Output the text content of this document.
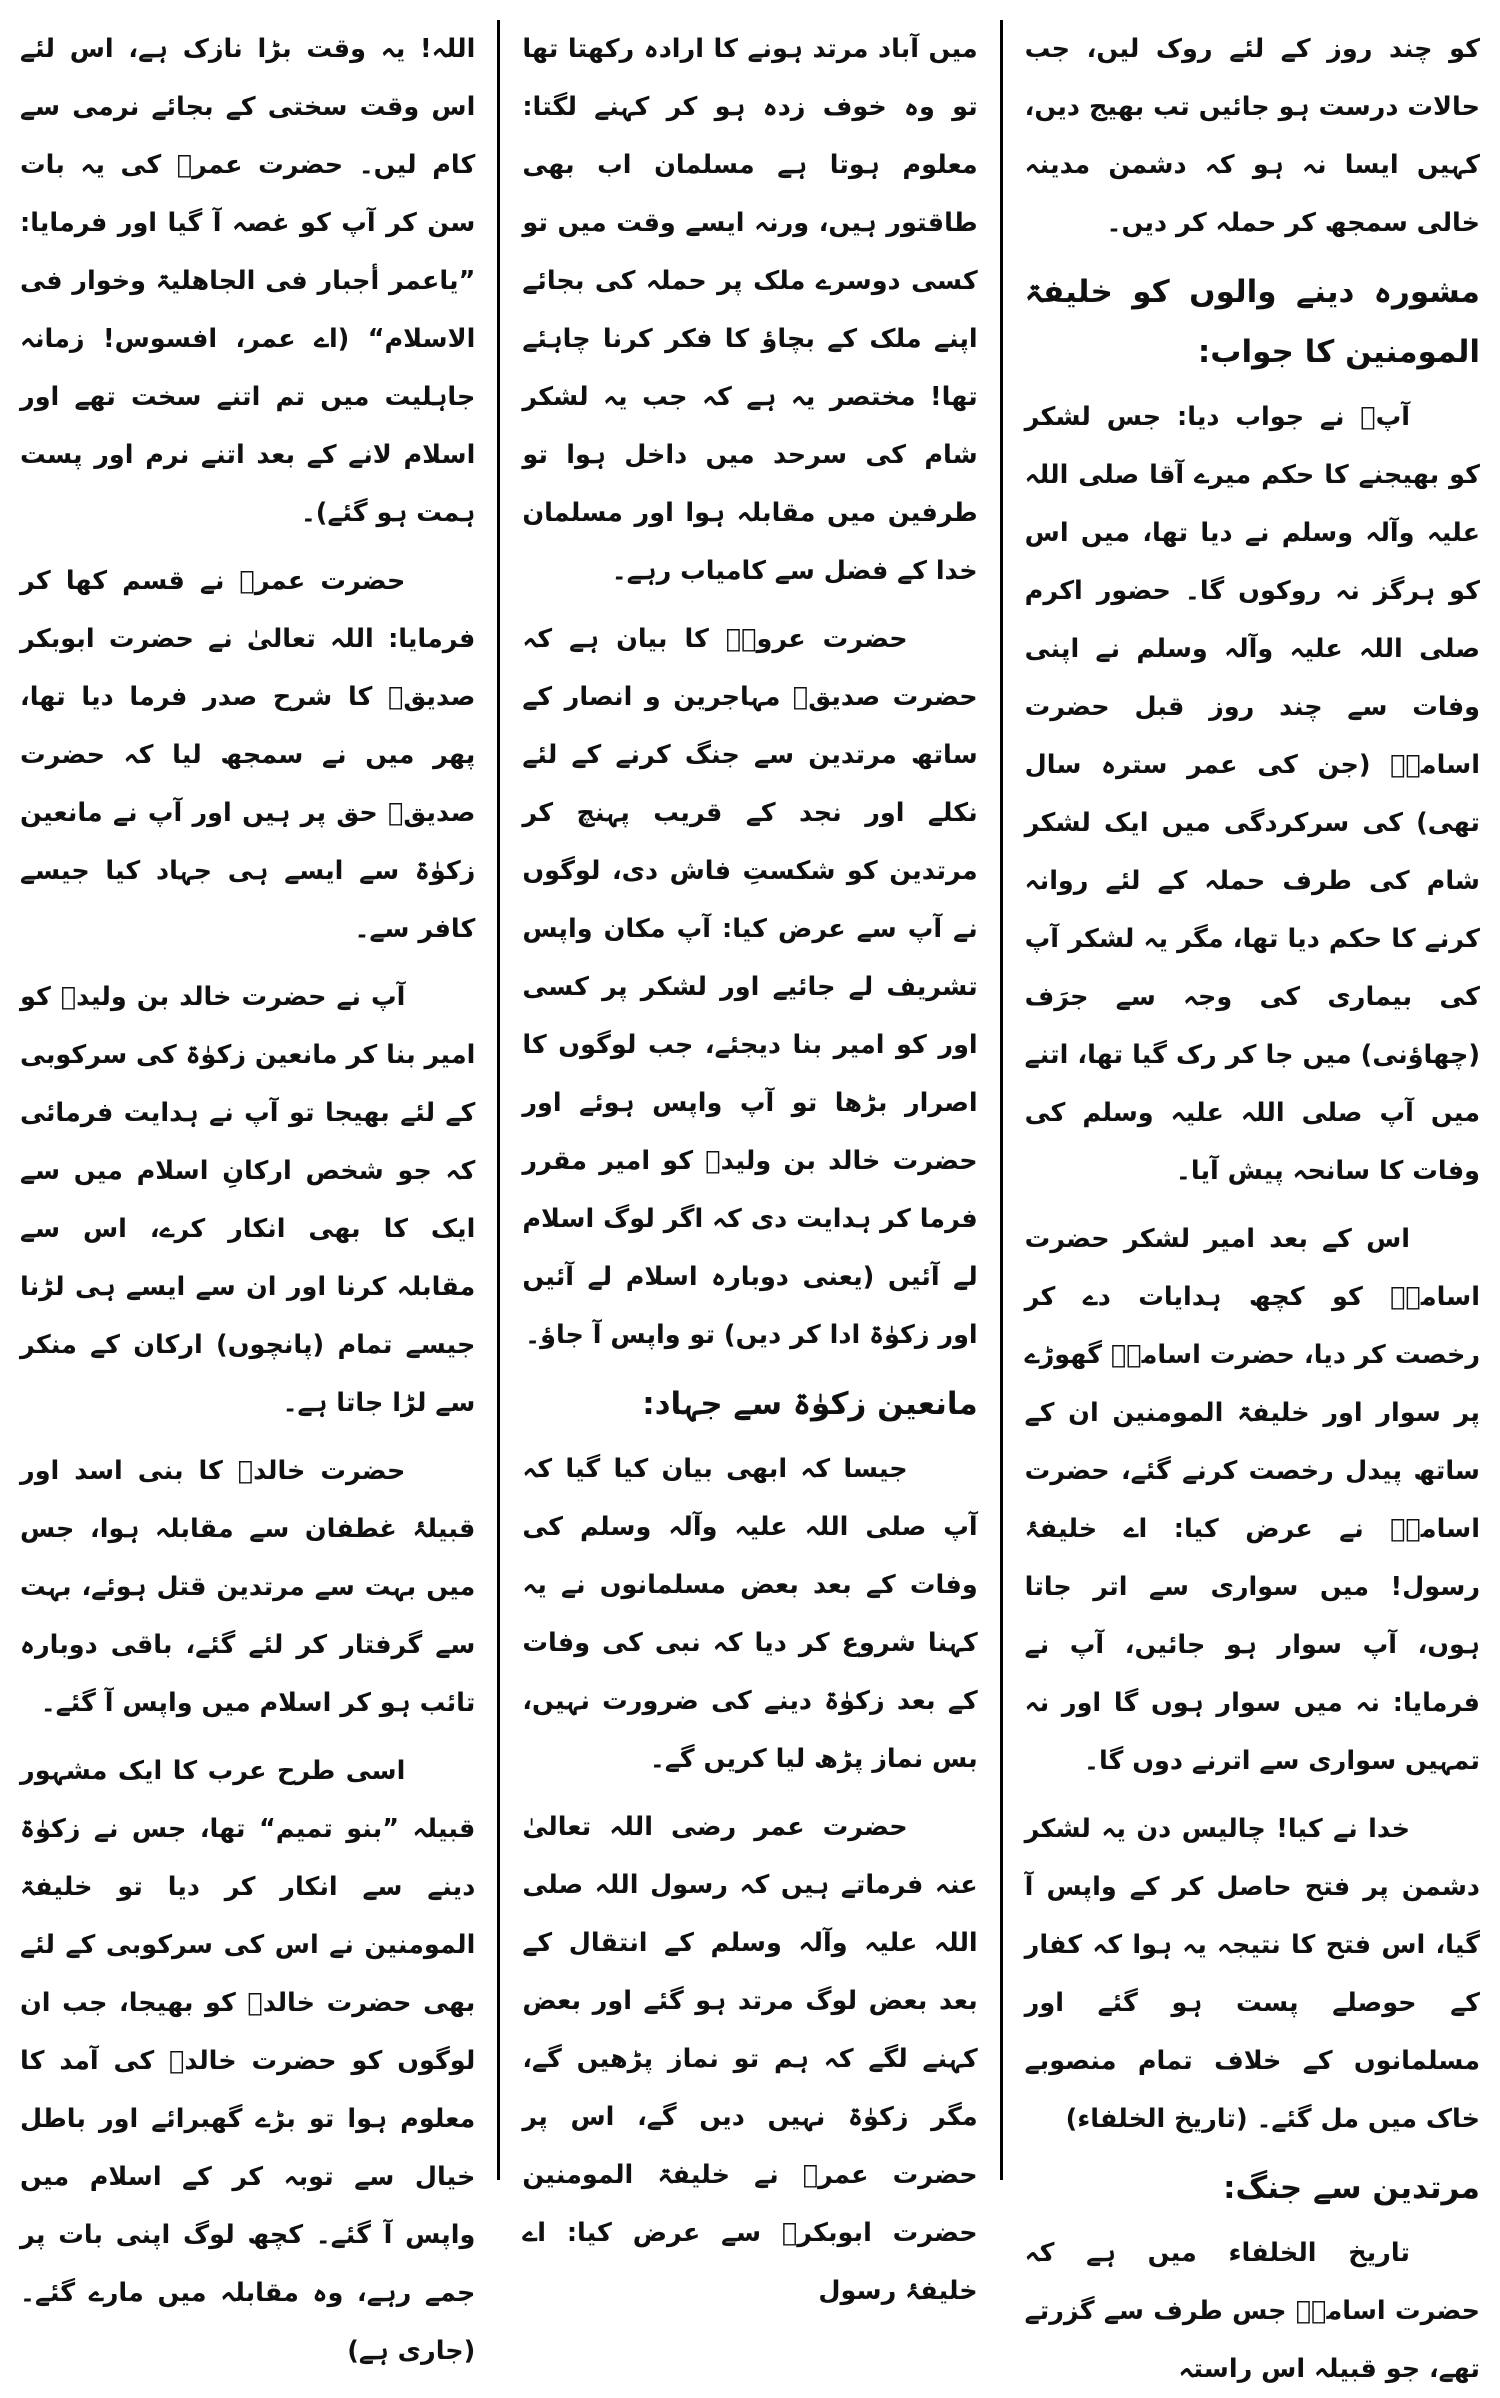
کو چند روز کے لئے روک لیں، جب حالات درست ہو جائیں تب بھیج دیں، کہیں ایسا نہ ہو کہ دشمن مدینہ خالی سمجھ کر حملہ کر دیں۔

مشورہ دینے والوں کو خلیفۃ المومنین کا جواب:

آپؓ نے جواب دیا: جس لشکر کو بھیجنے کا حکم میرے آقا صلی اللہ علیہ وآلہ وسلم نے دیا تھا، میں اس کو ہرگز نہ روکوں گا۔ حضور اکرم صلی اللہ علیہ وآلہ وسلم نے اپنی وفات سے چند روز قبل حضرت اسامہؓ (جن کی عمر سترہ سال تھی) کی سرکردگی میں ایک لشکر شام کی طرف حملہ کے لئے روانہ کرنے کا حکم دیا تھا، مگر یہ لشکر آپ کی بیماری کی وجہ سے جرَف (چھاؤنی) میں جا کر رک گیا تھا، اتنے میں آپ صلی اللہ علیہ وسلم کی وفات کا سانحہ پیش آیا۔

اس کے بعد امیر لشکر حضرت اسامہؓ کو کچھ ہدایات دے کر رخصت کر دیا، حضرت اسامہؓ گھوڑے پر سوار اور خلیفۃ المومنین ان کے ساتھ پیدل رخصت کرنے گئے، حضرت اسامہؓ نے عرض کیا: اے خلیفۂ رسول! میں سواری سے اتر جاتا ہوں، آپ سوار ہو جائیں، آپ نے فرمایا: نہ میں سوار ہوں گا اور نہ تمہیں سواری سے اترنے دوں گا۔

خدا نے کیا! چالیس دن یہ لشکر دشمن پر فتح حاصل کر کے واپس آ گیا، اس فتح کا نتیجہ یہ ہوا کہ کفار کے حوصلے پست ہو گئے اور مسلمانوں کے خلاف تمام منصوبے خاک میں مل گئے۔ (تاریخ الخلفاء)

مرتدین سے جنگ:

تاریخ الخلفاء میں ہے کہ حضرت اسامہؓ جس طرف سے گزرتے تھے، جو قبیلہ اس راستہ

میں آباد مرتد ہونے کا ارادہ رکھتا تھا تو وہ خوف زدہ ہو کر کہنے لگتا: معلوم ہوتا ہے مسلمان اب بھی طاقتور ہیں، ورنہ ایسے وقت میں تو کسی دوسرے ملک پر حملہ کی بجائے اپنے ملک کے بچاؤ کا فکر کرنا چاہئے تھا! مختصر یہ ہے کہ جب یہ لشکر شام کی سرحد میں داخل ہوا تو طرفین میں مقابلہ ہوا اور مسلمان خدا کے فضل سے کامیاب رہے۔

حضرت عروہؓ کا بیان ہے کہ حضرت صدیقؓ مہاجرین و انصار کے ساتھ مرتدین سے جنگ کرنے کے لئے نکلے اور نجد کے قریب پہنچ کر مرتدین کو شکستِ فاش دی، لوگوں نے آپ سے عرض کیا: آپ مکان واپس تشریف لے جائیے اور لشکر پر کسی اور کو امیر بنا دیجئے، جب لوگوں کا اصرار بڑھا تو آپ واپس ہوئے اور حضرت خالد بن ولیدؓ کو امیر مقرر فرما کر ہدایت دی کہ اگر لوگ اسلام لے آئیں (یعنی دوبارہ اسلام لے آئیں اور زکوٰۃ ادا کر دیں) تو واپس آ جاؤ۔

مانعین زکوٰۃ سے جہاد:

جیسا کہ ابھی بیان کیا گیا کہ آپ صلی اللہ علیہ وآلہ وسلم کی وفات کے بعد بعض مسلمانوں نے یہ کہنا شروع کر دیا کہ نبی کی وفات کے بعد زکوٰۃ دینے کی ضرورت نہیں، بس نماز پڑھ لیا کریں گے۔

حضرت عمر رضی اللہ تعالیٰ عنہ فرماتے ہیں کہ رسول اللہ صلی اللہ علیہ وآلہ وسلم کے انتقال کے بعد بعض لوگ مرتد ہو گئے اور بعض کہنے لگے کہ ہم تو نماز پڑھیں گے، مگر زکوٰۃ نہیں دیں گے، اس پر حضرت عمرؓ نے خلیفۃ المومنین حضرت ابوبکرؓ سے عرض کیا: اے خلیفۂ رسول

اللہ! یہ وقت بڑا نازک ہے، اس لئے اس وقت سختی کے بجائے نرمی سے کام لیں۔ حضرت عمرؓ کی یہ بات سن کر آپ کو غصہ آ گیا اور فرمایا: ”یاعمر أجبار فی الجاھلیۃ وخوار فی الاسلام“ (اے عمر، افسوس! زمانہ جاہلیت میں تم اتنے سخت تھے اور اسلام لانے کے بعد اتنے نرم اور پست ہمت ہو گئے)۔

حضرت عمرؓ نے قسم کھا کر فرمایا: اللہ تعالیٰ نے حضرت ابوبکر صدیقؓ کا شرح صدر فرما دیا تھا، پھر میں نے سمجھ لیا کہ حضرت صدیقؓ حق پر ہیں اور آپ نے مانعین زکوٰۃ سے ایسے ہی جہاد کیا جیسے کافر سے۔

آپ نے حضرت خالد بن ولیدؓ کو امیر بنا کر مانعین زکوٰۃ کی سرکوبی کے لئے بھیجا تو آپ نے ہدایت فرمائی کہ جو شخص ارکانِ اسلام میں سے ایک کا بھی انکار کرے، اس سے مقابلہ کرنا اور ان سے ایسے ہی لڑنا جیسے تمام (پانچوں) ارکان کے منکر سے لڑا جاتا ہے۔

حضرت خالدؓ کا بنی اسد اور قبیلۂ غطفان سے مقابلہ ہوا، جس میں بہت سے مرتدین قتل ہوئے، بہت سے گرفتار کر لئے گئے، باقی دوبارہ تائب ہو کر اسلام میں واپس آ گئے۔

اسی طرح عرب کا ایک مشہور قبیلہ ”بنو تمیم“ تھا، جس نے زکوٰۃ دینے سے انکار کر دیا تو خلیفۃ المومنین نے اس کی سرکوبی کے لئے بھی حضرت خالدؓ کو بھیجا، جب ان لوگوں کو حضرت خالدؓ کی آمد کا معلوم ہوا تو بڑے گھبرائے اور باطل خیال سے توبہ کر کے اسلام میں واپس آ گئے۔ کچھ لوگ اپنی بات پر جمے رہے، وہ مقابلہ میں مارے گئے۔ (جاری ہے)
